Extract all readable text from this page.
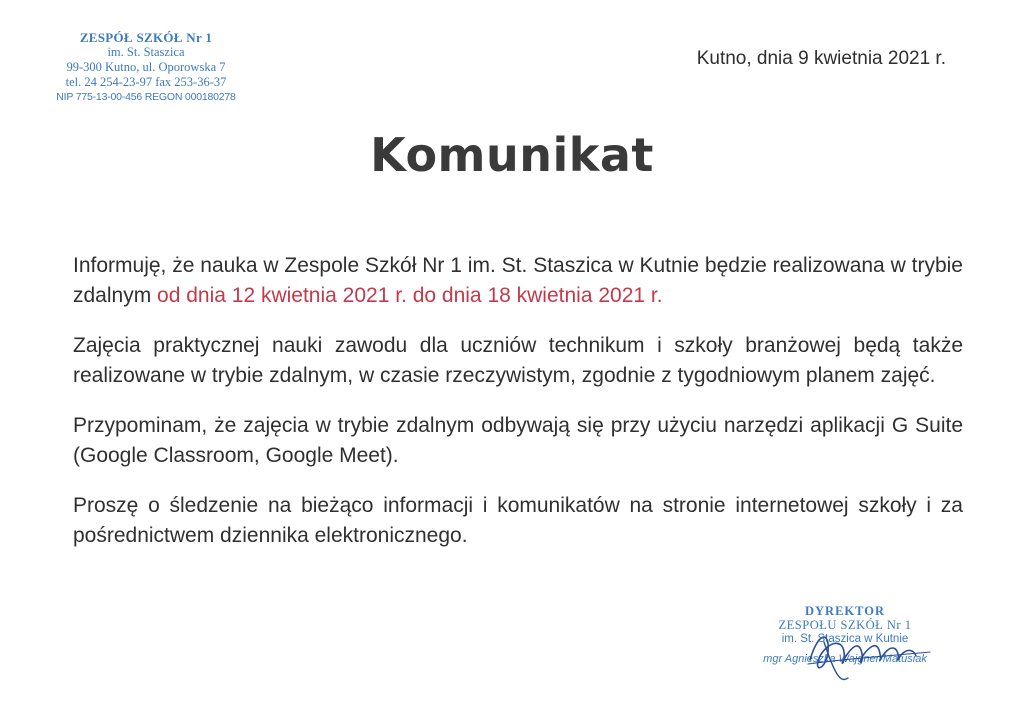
ZESPÓŁ SZKÓŁ Nr 1
im. St. Staszica
99-300 Kutno, ul. Oporowska 7
tel. 24 254-23-97 fax 253-36-37
NIP 775-13-00-456 REGON 000180278
Kutno, dnia 9 kwietnia 2021 r.
Komunikat

Informuję, że nauka w Zespole Szkół Nr 1 im. St. Staszica w Kutnie będzie realizowana w trybie zdalnym od dnia 12 kwietnia 2021 r. do dnia 18 kwietnia 2021 r.

Zajęcia praktycznej nauki zawodu dla uczniów technikum i szkoły branżowej będą także realizowane w trybie zdalnym, w czasie rzeczywistym, zgodnie z tygodniowym planem zajęć.

Przypominam, że zajęcia w trybie zdalnym odbywają się przy użyciu narzędzi aplikacji G Suite (Google Classroom, Google Meet).

Proszę o śledzenie na bieżąco informacji i komunikatów na stronie internetowej szkoły i za pośrednictwem dziennika elektronicznego.

DYREKTOR
ZESPOŁU SZKÓŁ Nr 1
im. St. Staszica w Kutnie
mgr Agnieszka Wajgner-Matusiak
